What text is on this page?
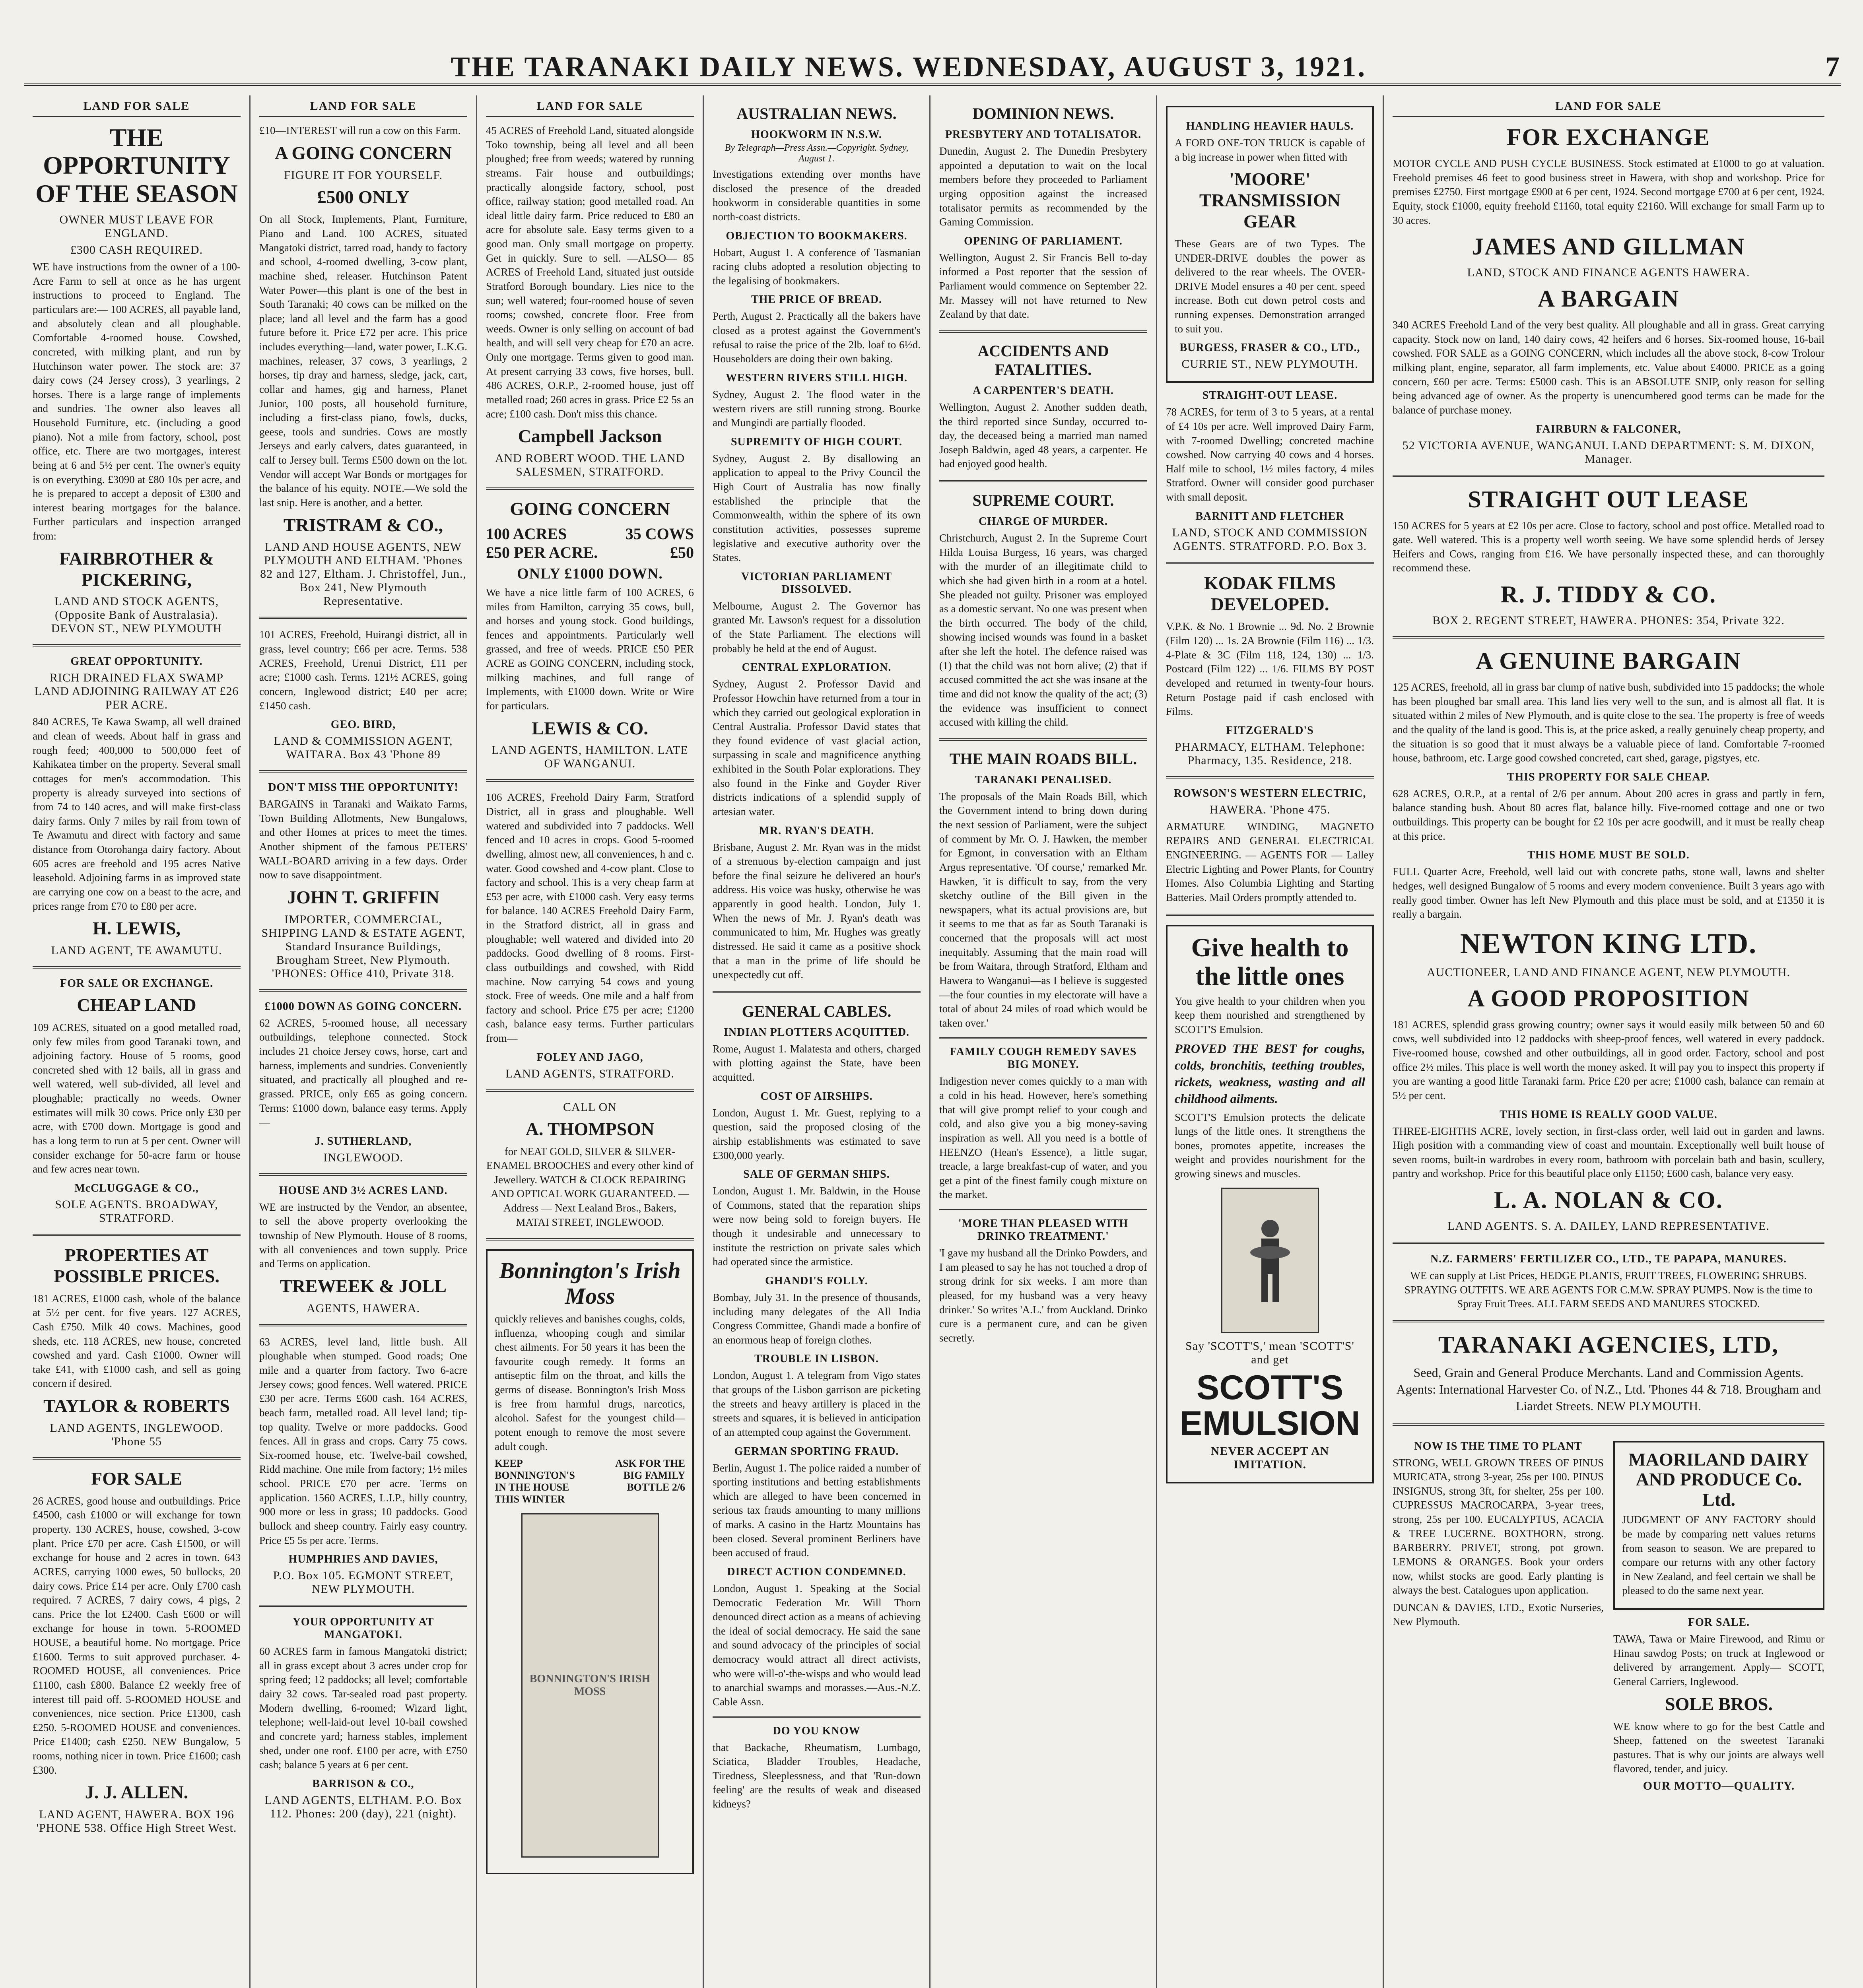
THE TARANAKI DAILY NEWS. WEDNESDAY, AUGUST 3, 1921.	7
LAND FOR SALE
THE OPPORTUNITY OF THE SEASON
OWNER MUST LEAVE FOR ENGLAND.
£300 CASH REQUIRED.
WE have instructions from the owner of a 100-Acre Farm to sell at once as he has urgent instructions to proceed to England. The particulars are:— 100 ACRES, all payable land, and absolutely clean and all ploughable. Comfortable 4-roomed house. Cowshed, concreted, with milking plant, and run by Hutchinson water power. The stock are: 37 dairy cows (24 Jersey cross), 3 yearlings, 2 horses. There is a large range of implements and sundries. The owner also leaves all Household Furniture, etc. (including a good piano). Not a mile from factory, school, post office, etc. There are two mortgages, interest being at 6 and 5½ per cent. The owner's equity is on everything. £3090 at £80 10s per acre, and he is prepared to accept a deposit of £300 and interest bearing mortgages for the balance. Further particulars and inspection arranged from:
FAIRBROTHER & PICKERING,
LAND AND STOCK AGENTS, (Opposite Bank of Australasia). DEVON ST., NEW PLYMOUTH
GREAT OPPORTUNITY.
RICH DRAINED FLAX SWAMP LAND ADJOINING RAILWAY AT £26 PER ACRE.
840 ACRES, Te Kawa Swamp, all well drained and clean of weeds. About half in grass and rough feed; 400,000 to 500,000 feet of Kahikatea timber on the property. Several small cottages for men's accommodation. This property is already surveyed into sections of from 74 to 140 acres, and will make first-class dairy farms. Only 7 miles by rail from town of Te Awamutu and direct with factory and same distance from Otorohanga dairy factory. About 605 acres are freehold and 195 acres Native leasehold. Adjoining farms in as improved state are carrying one cow on a beast to the acre, and prices range from £70 to £80 per acre.
H. LEWIS,
LAND AGENT, TE AWAMUTU.
FOR SALE OR EXCHANGE.
CHEAP LAND
109 ACRES, situated on a good metalled road, only few miles from good Taranaki town, and adjoining factory. House of 5 rooms, good concreted shed with 12 bails, all in grass and well watered, well sub-divided, all level and ploughable; practically no weeds. Owner estimates will milk 30 cows. Price only £30 per acre, with £700 down. Mortgage is good and has a long term to run at 5 per cent. Owner will consider exchange for 50-acre farm or house and few acres near town.
McCLUGGAGE & CO.,
SOLE AGENTS. BROADWAY, STRATFORD.
PROPERTIES AT POSSIBLE PRICES.
181 ACRES, £1000 cash, whole of the balance at 5½ per cent. for five years. 127 ACRES, Cash £750. Milk 40 cows. Machines, good sheds, etc. 118 ACRES, new house, concreted cowshed and yard. Cash £1000. Owner will take £41, with £1000 cash, and sell as going concern if desired.
TAYLOR & ROBERTS
LAND AGENTS, INGLEWOOD. 'Phone 55
FOR SALE
26 ACRES, good house and outbuildings. Price £4500, cash £1000 or will exchange for town property. 130 ACRES, house, cowshed, 3-cow plant. Price £70 per acre. Cash £1500, or will exchange for house and 2 acres in town. 643 ACRES, carrying 1000 ewes, 50 bullocks, 20 dairy cows. Price £14 per acre. Only £700 cash required. 7 ACRES, 7 dairy cows, 4 pigs, 2 cans. Price the lot £2400. Cash £600 or will exchange for house in town. 5-ROOMED HOUSE, a beautiful home. No mortgage. Price £1600. Terms to suit approved purchaser. 4-ROOMED HOUSE, all conveniences. Price £1100, cash £800. Balance £2 weekly free of interest till paid off. 5-ROOMED HOUSE and conveniences, nice section. Price £1300, cash £250. 5-ROOMED HOUSE and conveniences. Price £1400; cash £250. NEW Bungalow, 5 rooms, nothing nicer in town. Price £1600; cash £300.
J. J. ALLEN.
LAND AGENT, HAWERA. BOX 196 'PHONE 538. Office High Street West.
LAND FOR SALE
£10—INTEREST will run a cow on this Farm.
A GOING CONCERN
FIGURE IT FOR YOURSELF.
£500 ONLY
On all Stock, Implements, Plant, Furniture, Piano and Land. 100 ACRES, situated Mangatoki district, tarred road, handy to factory and school, 4-roomed dwelling, 3-cow plant, machine shed, releaser. Hutchinson Patent Water Power—this plant is one of the best in South Taranaki; 40 cows can be milked on the place; land all level and the farm has a good future before it. Price £72 per acre. This price includes everything—land, water power, L.K.G. machines, releaser, 37 cows, 3 yearlings, 2 horses, tip dray and harness, sledge, jack, cart, collar and hames, gig and harness, Planet Junior, 100 posts, all household furniture, including a first-class piano, fowls, ducks, geese, tools and sundries. Cows are mostly Jerseys and early calvers, dates guaranteed, in calf to Jersey bull. Terms £500 down on the lot. Vendor will accept War Bonds or mortgages for the balance of his equity. NOTE.—We sold the last snip. Here is another, and a better.
TRISTRAM & CO.,
LAND AND HOUSE AGENTS, NEW PLYMOUTH AND ELTHAM. 'Phones 82 and 127, Eltham. J. Christoffel, Jun., Box 241, New Plymouth Representative.
101 ACRES, Freehold, Huirangi district, all in grass, level country; £66 per acre. Terms. 538 ACRES, Freehold, Urenui District, £11 per acre; £1000 cash. Terms. 121½ ACRES, going concern, Inglewood district; £40 per acre; £1450 cash.
GEO. BIRD,
LAND & COMMISSION AGENT, WAITARA. Box 43 'Phone 89
DON'T MISS THE OPPORTUNITY!
BARGAINS in Taranaki and Waikato Farms, Town Building Allotments, New Bungalows, and other Homes at prices to meet the times. Another shipment of the famous PETERS' WALL-BOARD arriving in a few days. Order now to save disappointment.
JOHN T. GRIFFIN
IMPORTER, COMMERCIAL, SHIPPING LAND & ESTATE AGENT, Standard Insurance Buildings, Brougham Street, New Plymouth. 'PHONES: Office 410, Private 318.
£1000 DOWN AS GOING CONCERN.
62 ACRES, 5-roomed house, all necessary outbuildings, telephone connected. Stock includes 21 choice Jersey cows, horse, cart and harness, implements and sundries. Conveniently situated, and practically all ploughed and re-grassed. PRICE, only £65 as going concern. Terms: £1000 down, balance easy terms. Apply—
J. SUTHERLAND,
INGLEWOOD.
HOUSE AND 3½ ACRES LAND.
WE are instructed by the Vendor, an absentee, to sell the above property overlooking the township of New Plymouth. House of 8 rooms, with all conveniences and town supply. Price and Terms on application.
TREWEEK & JOLL
AGENTS, HAWERA.
63 ACRES, level land, little bush. All ploughable when stumped. Good roads; One mile and a quarter from factory. Two 6-acre Jersey cows; good fences. Well watered. PRICE £30 per acre. Terms £600 cash. 164 ACRES, beach farm, metalled road. All level land; tip-top quality. Twelve or more paddocks. Good fences. All in grass and crops. Carry 75 cows. Six-roomed house, etc. Twelve-bail cowshed, Ridd machine. One mile from factory; 1½ miles school. PRICE £70 per acre. Terms on application. 1560 ACRES, L.I.P., hilly country, 900 more or less in grass; 10 paddocks. Good bullock and sheep country. Fairly easy country. Price £5 5s per acre. Terms.
HUMPHRIES AND DAVIES,
P.O. Box 105. EGMONT STREET, NEW PLYMOUTH.
YOUR OPPORTUNITY AT MANGATOKI.
60 ACRES farm in famous Mangatoki district; all in grass except about 3 acres under crop for spring feed; 12 paddocks; all level; comfortable dairy 32 cows. Tar-sealed road past property. Modern dwelling, 6-roomed; Wizard light, telephone; well-laid-out level 10-bail cowshed and concrete yard; harness stables, implement shed, under one roof. £100 per acre, with £750 cash; balance 5 years at 6 per cent.
BARRISON & CO.,
LAND AGENTS, ELTHAM. P.O. Box 112. Phones: 200 (day), 221 (night).
LAND FOR SALE
45 ACRES of Freehold Land, situated alongside Toko township, being all level and all been ploughed; free from weeds; watered by running streams. Fair house and outbuildings; practically alongside factory, school, post office, railway station; good metalled road. An ideal little dairy farm. Price reduced to £80 an acre for absolute sale. Easy terms given to a good man. Only small mortgage on property. Get in quickly. Sure to sell. —ALSO— 85 ACRES of Freehold Land, situated just outside Stratford Borough boundary. Lies nice to the sun; well watered; four-roomed house of seven rooms; cowshed, concrete floor. Free from weeds. Owner is only selling on account of bad health, and will sell very cheap for £70 an acre. Only one mortgage. Terms given to good man. At present carrying 33 cows, five horses, bull. 486 ACRES, O.R.P., 2-roomed house, just off metalled road; 260 acres in grass. Price £2 5s an acre; £100 cash. Don't miss this chance.
Campbell Jackson
AND ROBERT WOOD. THE LAND SALESMEN, STRATFORD.
GOING CONCERN
100 ACRES	35 COWS
£50 PER ACRE.	£50
ONLY £1000 DOWN.
We have a nice little farm of 100 ACRES, 6 miles from Hamilton, carrying 35 cows, bull, and horses and young stock. Good buildings, fences and appointments. Particularly well grassed, and free of weeds. PRICE £50 PER ACRE as GOING CONCERN, including stock, milking machines, and full range of Implements, with £1000 down. Write or Wire for particulars.
LEWIS & CO.
LAND AGENTS, HAMILTON. LATE OF WANGANUI.
106 ACRES, Freehold Dairy Farm, Stratford District, all in grass and ploughable. Well watered and subdivided into 7 paddocks. Well fenced and 10 acres in crops. Good 5-roomed dwelling, almost new, all conveniences, h and c. water. Good cowshed and 4-cow plant. Close to factory and school. This is a very cheap farm at £53 per acre, with £1000 cash. Very easy terms for balance. 140 ACRES Freehold Dairy Farm, in the Stratford district, all in grass and ploughable; well watered and divided into 20 paddocks. Good dwelling of 8 rooms. First-class outbuildings and cowshed, with Ridd machine. Now carrying 54 cows and young stock. Free of weeds. One mile and a half from factory and school. Price £75 per acre; £1200 cash, balance easy terms. Further particulars from—
FOLEY AND JAGO,
LAND AGENTS, STRATFORD.
CALL ON
A. THOMPSON
for NEAT GOLD, SILVER & SILVER-ENAMEL BROOCHES and every other kind of Jewellery. WATCH & CLOCK REPAIRING AND OPTICAL WORK GUARANTEED. — Address — Next Lealand Bros., Bakers, MATAI STREET, INGLEWOOD.
Bonnington's Irish Moss
quickly relieves and banishes coughs, colds, influenza, whooping cough and similar chest ailments. For 50 years it has been the favourite cough remedy. It forms an antiseptic film on the throat, and kills the germs of disease. Bonnington's Irish Moss is free from harmful drugs, narcotics, alcohol. Safest for the youngest child—potent enough to remove the most severe adult cough.
KEEP BONNINGTON'S IN THE HOUSE THIS WINTER
ASK FOR THE BIG FAMILY BOTTLE 2/6
BONNINGTON'S IRISH MOSS
AUSTRALIAN NEWS.
HOOKWORM IN N.S.W.
By Telegraph—Press Assn.—Copyright. Sydney, August 1.
Investigations extending over months have disclosed the presence of the dreaded hookworm in considerable quantities in some north-coast districts.
OBJECTION TO BOOKMAKERS.
Hobart, August 1. A conference of Tasmanian racing clubs adopted a resolution objecting to the legalising of bookmakers.
THE PRICE OF BREAD.
Perth, August 2. Practically all the bakers have closed as a protest against the Government's refusal to raise the price of the 2lb. loaf to 6½d. Householders are doing their own baking.
WESTERN RIVERS STILL HIGH.
Sydney, August 2. The flood water in the western rivers are still running strong. Bourke and Mungindi are partially flooded.
SUPREMITY OF HIGH COURT.
Sydney, August 2. By disallowing an application to appeal to the Privy Council the High Court of Australia has now finally established the principle that the Commonwealth, within the sphere of its own constitution activities, possesses supreme legislative and executive authority over the States.
VICTORIAN PARLIAMENT DISSOLVED.
Melbourne, August 2. The Governor has granted Mr. Lawson's request for a dissolution of the State Parliament. The elections will probably be held at the end of August.
CENTRAL EXPLORATION.
Sydney, August 2. Professor David and Professor Howchin have returned from a tour in which they carried out geological exploration in Central Australia. Professor David states that they found evidence of vast glacial action, surpassing in scale and magnificence anything exhibited in the South Polar explorations. They also found in the Finke and Goyder River districts indications of a splendid supply of artesian water.
MR. RYAN'S DEATH.
Brisbane, August 2. Mr. Ryan was in the midst of a strenuous by-election campaign and just before the final seizure he delivered an hour's address. His voice was husky, otherwise he was apparently in good health. London, July 1. When the news of Mr. J. Ryan's death was communicated to him, Mr. Hughes was greatly distressed. He said it came as a positive shock that a man in the prime of life should be unexpectedly cut off.
GENERAL CABLES.
INDIAN PLOTTERS ACQUITTED.
Rome, August 1. Malatesta and others, charged with plotting against the State, have been acquitted.
COST OF AIRSHIPS.
London, August 1. Mr. Guest, replying to a question, said the proposed closing of the airship establishments was estimated to save £300,000 yearly.
SALE OF GERMAN SHIPS.
London, August 1. Mr. Baldwin, in the House of Commons, stated that the reparation ships were now being sold to foreign buyers. He though it undesirable and unnecessary to institute the restriction on private sales which had operated since the armistice.
GHANDI'S FOLLY.
Bombay, July 31. In the presence of thousands, including many delegates of the All India Congress Committee, Ghandi made a bonfire of an enormous heap of foreign clothes.
TROUBLE IN LISBON.
London, August 1. A telegram from Vigo states that groups of the Lisbon garrison are picketing the streets and heavy artillery is placed in the streets and squares, it is believed in anticipation of an attempted coup against the Government.
GERMAN SPORTING FRAUD.
Berlin, August 1. The police raided a number of sporting institutions and betting establishments which are alleged to have been concerned in serious tax frauds amounting to many millions of marks. A casino in the Hartz Mountains has been closed. Several prominent Berliners have been accused of fraud.
DIRECT ACTION CONDEMNED.
London, August 1. Speaking at the Social Democratic Federation Mr. Will Thorn denounced direct action as a means of achieving the ideal of social democracy. He said the sane and sound advocacy of the principles of social democracy would attract all direct activists, who were will-o'-the-wisps and who would lead to anarchial swamps and morasses.—Aus.-N.Z. Cable Assn.
DO YOU KNOW
that Backache, Rheumatism, Lumbago, Sciatica, Bladder Troubles, Headache, Tiredness, Sleeplessness, and that 'Run-down feeling' are the results of weak and diseased kidneys?
DOMINION NEWS.
PRESBYTERY AND TOTALISATOR.
Dunedin, August 2. The Dunedin Presbytery appointed a deputation to wait on the local members before they proceeded to Parliament urging opposition against the increased totalisator permits as recommended by the Gaming Commission.
OPENING OF PARLIAMENT.
Wellington, August 2. Sir Francis Bell to-day informed a Post reporter that the session of Parliament would commence on September 22. Mr. Massey will not have returned to New Zealand by that date.
ACCIDENTS AND FATALITIES.
A CARPENTER'S DEATH.
Wellington, August 2. Another sudden death, the third reported since Sunday, occurred to-day, the deceased being a married man named Joseph Baldwin, aged 48 years, a carpenter. He had enjoyed good health.
SUPREME COURT.
CHARGE OF MURDER.
Christchurch, August 2. In the Supreme Court Hilda Louisa Burgess, 16 years, was charged with the murder of an illegitimate child to which she had given birth in a room at a hotel. She pleaded not guilty. Prisoner was employed as a domestic servant. No one was present when the birth occurred. The body of the child, showing incised wounds was found in a basket after she left the hotel. The defence raised was (1) that the child was not born alive; (2) that if accused committed the act she was insane at the time and did not know the quality of the act; (3) the evidence was insufficient to connect accused with killing the child.
THE MAIN ROADS BILL.
TARANAKI PENALISED.
The proposals of the Main Roads Bill, which the Government intend to bring down during the next session of Parliament, were the subject of comment by Mr. O. J. Hawken, the member for Egmont, in conversation with an Eltham Argus representative. 'Of course,' remarked Mr. Hawken, 'it is difficult to say, from the very sketchy outline of the Bill given in the newspapers, what its actual provisions are, but it seems to me that as far as South Taranaki is concerned that the proposals will act most inequitably. Assuming that the main road will be from Waitara, through Stratford, Eltham and Hawera to Wanganui—as I believe is suggested—the four counties in my electorate will have a total of about 24 miles of road which would be taken over.'
FAMILY COUGH REMEDY SAVES BIG MONEY.
Indigestion never comes quickly to a man with a cold in his head. However, here's something that will give prompt relief to your cough and cold, and also give you a big money-saving inspiration as well. All you need is a bottle of HEENZO (Hean's Essence), a little sugar, treacle, a large breakfast-cup of water, and you get a pint of the finest family cough mixture on the market.
'MORE THAN PLEASED WITH DRINKO TREATMENT.'
'I gave my husband all the Drinko Powders, and I am pleased to say he has not touched a drop of strong drink for six weeks. I am more than pleased, for my husband was a very heavy drinker.' So writes 'A.L.' from Auckland. Drinko cure is a permanent cure, and can be given secretly.
HANDLING HEAVIER HAULS.
A FORD ONE-TON TRUCK is capable of a big increase in power when fitted with
'MOORE' TRANSMISSION GEAR
These Gears are of two Types. The UNDER-DRIVE doubles the power as delivered to the rear wheels. The OVER-DRIVE Model ensures a 40 per cent. speed increase. Both cut down petrol costs and running expenses. Demonstration arranged to suit you.
BURGESS, FRASER & CO., LTD.,
CURRIE ST., NEW PLYMOUTH.
STRAIGHT-OUT LEASE.
78 ACRES, for term of 3 to 5 years, at a rental of £4 10s per acre. Well improved Dairy Farm, with 7-roomed Dwelling; concreted machine cowshed. Now carrying 40 cows and 4 horses. Half mile to school, 1½ miles factory, 4 miles Stratford. Owner will consider good purchaser with small deposit.
BARNITT AND FLETCHER
LAND, STOCK AND COMMISSION AGENTS. STRATFORD. P.O. Box 3.
KODAK FILMS DEVELOPED.
V.P.K. & No. 1 Brownie ... 9d. No. 2 Brownie (Film 120) ... 1s. 2A Brownie (Film 116) ... 1/3. 4-Plate & 3C (Film 118, 124, 130) ... 1/3. Postcard (Film 122) ... 1/6. FILMS BY POST developed and returned in twenty-four hours. Return Postage paid if cash enclosed with Films.
FITZGERALD'S
PHARMACY, ELTHAM. Telephone: Pharmacy, 135. Residence, 218.
ROWSON'S WESTERN ELECTRIC,
HAWERA. 'Phone 475.
ARMATURE WINDING, MAGNETO REPAIRS AND GENERAL ELECTRICAL ENGINEERING. — AGENTS FOR — Lalley Electric Lighting and Power Plants, for Country Homes. Also Columbia Lighting and Starting Batteries. Mail Orders promptly attended to.
Give health to the little ones
You give health to your children when you keep them nourished and strengthened by SCOTT'S Emulsion.
PROVED THE BEST for coughs, colds, bronchitis, teething troubles, rickets, weakness, wasting and all childhood ailments.
SCOTT'S Emulsion protects the delicate lungs of the little ones. It strengthens the bones, promotes appetite, increases the weight and provides nourishment for the growing sinews and muscles.
Say 'SCOTT'S,' mean 'SCOTT'S' and get
SCOTT'S EMULSION
NEVER ACCEPT AN IMITATION.
LAND FOR SALE
FOR EXCHANGE
MOTOR CYCLE AND PUSH CYCLE BUSINESS. Stock estimated at £1000 to go at valuation. Freehold premises 46 feet to good business street in Hawera, with shop and workshop. Price for premises £2750. First mortgage £900 at 6 per cent, 1924. Second mortgage £700 at 6 per cent, 1924. Equity, stock £1000, equity freehold £1160, total equity £2160. Will exchange for small Farm up to 30 acres.
JAMES AND GILLMAN
LAND, STOCK AND FINANCE AGENTS HAWERA.
A BARGAIN
340 ACRES Freehold Land of the very best quality. All ploughable and all in grass. Great carrying capacity. Stock now on land, 140 dairy cows, 42 heifers and 6 horses. Six-roomed house, 16-bail cowshed. FOR SALE as a GOING CONCERN, which includes all the above stock, 8-cow Trolour milking plant, engine, separator, all farm implements, etc. Value about £4000. PRICE as a going concern, £60 per acre. Terms: £5000 cash. This is an ABSOLUTE SNIP, only reason for selling being advanced age of owner. As the property is unencumbered good terms can be made for the balance of purchase money.
FAIRBURN & FALCONER,
52 VICTORIA AVENUE, WANGANUI. LAND DEPARTMENT: S. M. DIXON, Manager.
STRAIGHT OUT LEASE
150 ACRES for 5 years at £2 10s per acre. Close to factory, school and post office. Metalled road to gate. Well watered. This is a property well worth seeing. We have some splendid herds of Jersey Heifers and Cows, ranging from £16. We have personally inspected these, and can thoroughly recommend these.
R. J. TIDDY & CO.
BOX 2. REGENT STREET, HAWERA. PHONES: 354, Private 322.
A GENUINE BARGAIN
125 ACRES, freehold, all in grass bar clump of native bush, subdivided into 15 paddocks; the whole has been ploughed bar small area. This land lies very well to the sun, and is almost all flat. It is situated within 2 miles of New Plymouth, and is quite close to the sea. The property is free of weeds and the quality of the land is good. This is, at the price asked, a really genuinely cheap property, and the situation is so good that it must always be a valuable piece of land. Comfortable 7-roomed house, bathroom, etc. Large good cowshed concreted, cart shed, garage, pigstyes, etc.
THIS PROPERTY FOR SALE CHEAP.
628 ACRES, O.R.P., at a rental of 2/6 per annum. About 200 acres in grass and partly in fern, balance standing bush. About 80 acres flat, balance hilly. Five-roomed cottage and one or two outbuildings. This property can be bought for £2 10s per acre goodwill, and it must be really cheap at this price.
THIS HOME MUST BE SOLD.
FULL Quarter Acre, Freehold, well laid out with concrete paths, stone wall, lawns and shelter hedges, well designed Bungalow of 5 rooms and every modern convenience. Built 3 years ago with really good timber. Owner has left New Plymouth and this place must be sold, and at £1350 it is really a bargain.
NEWTON KING LTD.
AUCTIONEER, LAND AND FINANCE AGENT, NEW PLYMOUTH.
A GOOD PROPOSITION
181 ACRES, splendid grass growing country; owner says it would easily milk between 50 and 60 cows, well subdivided into 12 paddocks with sheep-proof fences, well watered in every paddock. Five-roomed house, cowshed and other outbuildings, all in good order. Factory, school and post office 2½ miles. This place is well worth the money asked. It will pay you to inspect this property if you are wanting a good little Taranaki farm. Price £20 per acre; £1000 cash, balance can remain at 5½ per cent.
THIS HOME IS REALLY GOOD VALUE.
THREE-EIGHTHS ACRE, lovely section, in first-class order, well laid out in garden and lawns. High position with a commanding view of coast and mountain. Exceptionally well built house of seven rooms, built-in wardrobes in every room, bathroom with porcelain bath and basin, scullery, pantry and workshop. Price for this beautiful place only £1150; £600 cash, balance very easy.
L. A. NOLAN & CO.
LAND AGENTS. S. A. DAILEY, LAND REPRESENTATIVE.
N.Z. FARMERS' FERTILIZER CO., LTD., TE PAPAPA, MANURES.
WE can supply at List Prices, HEDGE PLANTS, FRUIT TREES, FLOWERING SHRUBS. SPRAYING OUTFITS. WE ARE AGENTS FOR C.M.W. SPRAY PUMPS. Now is the time to Spray Fruit Trees. ALL FARM SEEDS AND MANURES STOCKED.
TARANAKI AGENCIES, LTD,
Seed, Grain and General Produce Merchants. Land and Commission Agents. Agents: International Harvester Co. of N.Z., Ltd. 'Phones 44 & 718. Brougham and Liardet Streets. NEW PLYMOUTH.
NOW IS THE TIME TO PLANT
STRONG, WELL GROWN TREES OF PINUS MURICATA, strong 3-year, 25s per 100. PINUS INSIGNUS, strong 3ft, for shelter, 25s per 100. CUPRESSUS MACROCARPA, 3-year trees, strong, 25s per 100. EUCALYPTUS, ACACIA & TREE LUCERNE. BOXTHORN, strong. BARBERRY. PRIVET, strong, pot grown. LEMONS & ORANGES. Book your orders now, whilst stocks are good. Early planting is always the best. Catalogues upon application.
DUNCAN & DAVIES, LTD., Exotic Nurseries, New Plymouth.
MAORILAND DAIRY AND PRODUCE Co. Ltd.
JUDGMENT OF ANY FACTORY should be made by comparing nett values returns from season to season. We are prepared to compare our returns with any other factory in New Zealand, and feel certain we shall be pleased to do the same next year.
FOR SALE.
TAWA, Tawa or Maire Firewood, and Rimu or Hinau sawdog Posts; on truck at Inglewood or delivered by arrangement. Apply— SCOTT, General Carriers, Inglewood.
SOLE BROS.
WE know where to go for the best Cattle and Sheep, fattened on the sweetest Taranaki pastures. That is why our joints are always well flavored, tender, and juicy.
OUR MOTTO—QUALITY.
